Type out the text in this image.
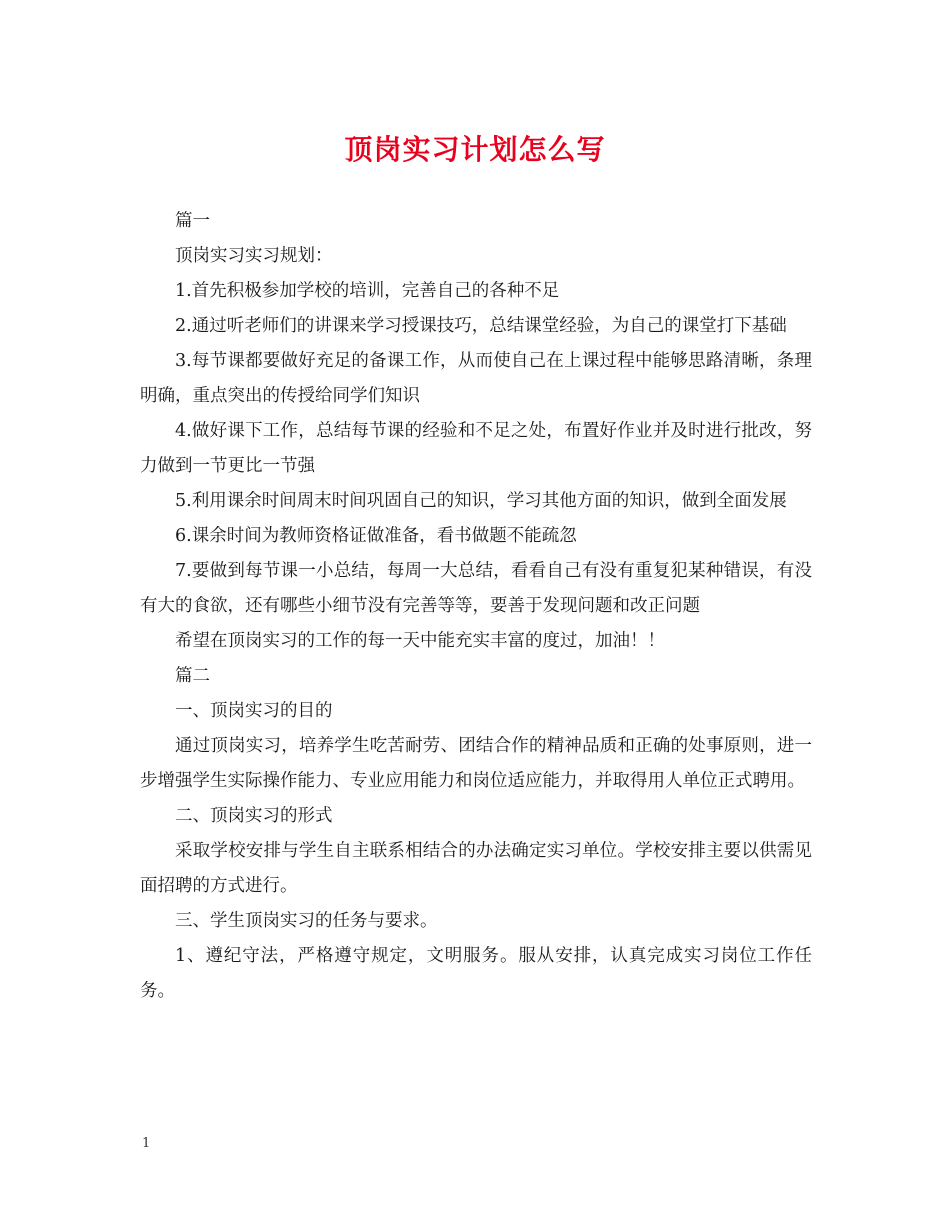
顶岗实习计划怎么写

篇一

顶岗实习实习规划：

1.首先积极参加学校的培训，完善自己的各种不足

2.通过听老师们的讲课来学习授课技巧，总结课堂经验，为自己的课堂打下基础

3.每节课都要做好充足的备课工作，从而使自己在上课过程中能够思路清晰，条理明确，重点突出的传授给同学们知识

4.做好课下工作，总结每节课的经验和不足之处，布置好作业并及时进行批改，努力做到一节更比一节强

5.利用课余时间周末时间巩固自己的知识，学习其他方面的知识，做到全面发展

6.课余时间为教师资格证做准备，看书做题不能疏忽

7.要做到每节课一小总结，每周一大总结，看看自己有没有重复犯某种错误，有没有大的食欲，还有哪些小细节没有完善等等，要善于发现问题和改正问题

希望在顶岗实习的工作的每一天中能充实丰富的度过，加油！！

篇二

一、顶岗实习的目的

通过顶岗实习，培养学生吃苦耐劳、团结合作的精神品质和正确的处事原则，进一步增强学生实际操作能力、专业应用能力和岗位适应能力，并取得用人单位正式聘用。

二、顶岗实习的形式

采取学校安排与学生自主联系相结合的办法确定实习单位。学校安排主要以供需见面招聘的方式进行。

三、学生顶岗实习的任务与要求。

1、遵纪守法，严格遵守规定，文明服务。服从安排，认真完成实习岗位工作任务。

1
